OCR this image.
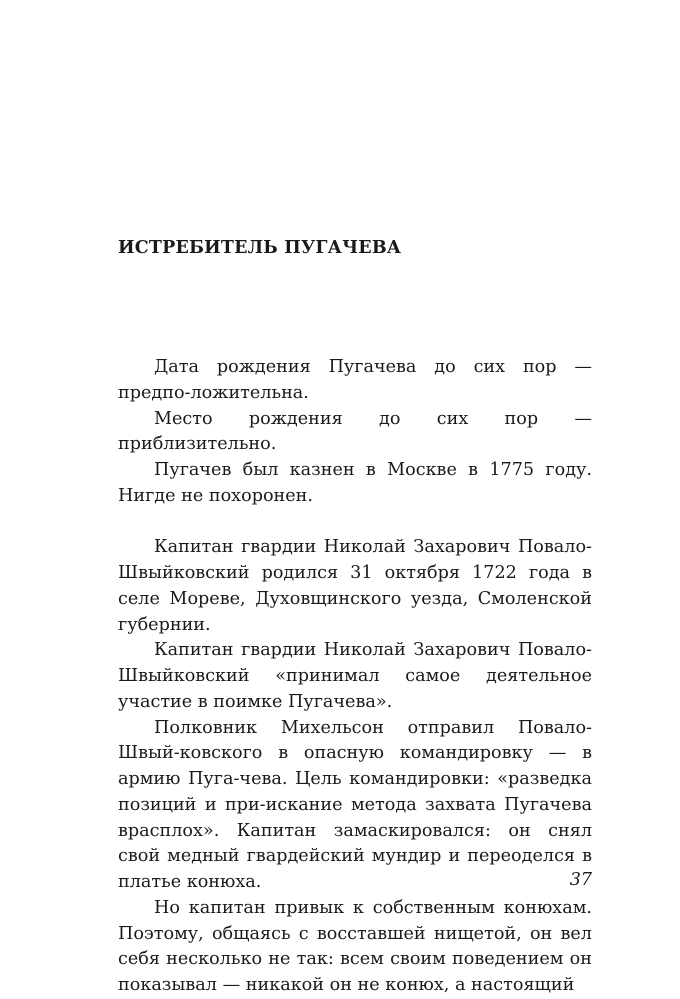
ИСТРЕБИТЕЛЬ ПУГАЧЕВА

Дата рождения Пугачева до сих пор — предпо-ложительна.

Место рождения до сих пор — приблизительно.

Пугачев был казнен в Москве в 1775 году. Нигде не похоронен.

Капитан гвардии Николай Захарович Повало-Швыйковский родился 31 октября 1722 года в селе Мореве, Духовщинского уезда, Смоленской губернии.

Капитан гвардии Николай Захарович Повало-Швыйковский «принимал самое деятельное участие в поимке Пугачева».

Полковник Михельсон отправил Повало-Швый-ковского в опасную командировку — в армию Пуга-чева. Цель командировки: «разведка позиций и при-искание метода захвата Пугачева врасплох». Капитан замаскировался: он снял свой медный гвардейский мундир и переоделся в платье конюха.

Но капитан привык к собственным конюхам. Поэтому, общаясь с восставшей нищетой, он вел себя несколько не так: всем своим поведением он показывал — никакой он не конюх, а настоящий

37
